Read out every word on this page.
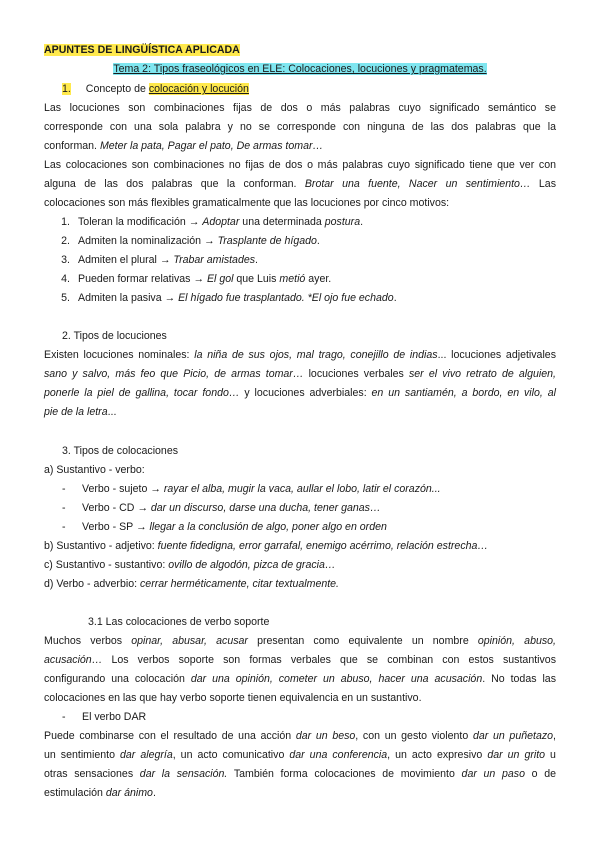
APUNTES DE LINGÜÍSTICA APLICADA
Tema 2: Tipos fraseológicos en ELE: Colocaciones, locuciones y pragmatemas.
1. Concepto de colocación y locución
Las locuciones son combinaciones fijas de dos o más palabras cuyo significado semántico se
corresponde con una sola palabra y no se corresponde con ninguna de las dos palabras que la
conforman. Meter la pata, Pagar el pato, De armas tomar…
Las colocaciones son combinaciones no fijas de dos o más palabras cuyo significado tiene que ver con
alguna de las dos palabras que la conforman. Brotar una fuente, Nacer un sentimiento… Las
colocaciones son más flexibles gramaticalmente que las locuciones por cinco motivos:
1. Toleran la modificación → Adoptar una determinada postura.
2. Admiten la nominalización → Trasplante de hígado.
3. Admiten el plural → Trabar amistades.
4. Pueden formar relativas → El gol que Luis metió ayer.
5. Admiten la pasiva → El hígado fue trasplantado. *El ojo fue echado.
2. Tipos de locuciones
Existen locuciones nominales: la niña de sus ojos, mal trago, conejillo de indias... locuciones adjetivales
sano y salvo, más feo que Picio, de armas tomar… locuciones verbales ser el vivo retrato de alguien,
ponerle la piel de gallina, tocar fondo… y locuciones adverbiales: en un santiamén, a bordo, en vilo, al
pie de la letra...
3. Tipos de colocaciones
a) Sustantivo - verbo:
- Verbo - sujeto → rayar el alba, mugir la vaca, aullar el lobo, latir el corazón...
- Verbo - CD → dar un discurso, darse una ducha, tener ganas…
- Verbo - SP → llegar a la conclusión de algo, poner algo en orden
b) Sustantivo - adjetivo: fuente fidedigna, error garrafal, enemigo acérrimo, relación estrecha…
c) Sustantivo - sustantivo: ovillo de algodón, pizca de gracia…
d) Verbo - adverbio: cerrar herméticamente, citar textualmente.
3.1 Las colocaciones de verbo soporte
Muchos verbos opinar, abusar, acusar presentan como equivalente un nombre opinión, abuso,
acusación… Los verbos soporte son formas verbales que se combinan con estos sustantivos
configurando una colocación dar una opinión, cometer un abuso, hacer una acusación. No todas las
colocaciones en las que hay verbo soporte tienen equivalencia en un sustantivo.
- El verbo DAR
Puede combinarse con el resultado de una acción dar un beso, con un gesto violento dar un puñetazo,
un sentimiento dar alegría, un acto comunicativo dar una conferencia, un acto expresivo dar un grito u
otras sensaciones dar la sensación. También forma colocaciones de movimiento dar un paso o de
estimulación dar ánimo.
